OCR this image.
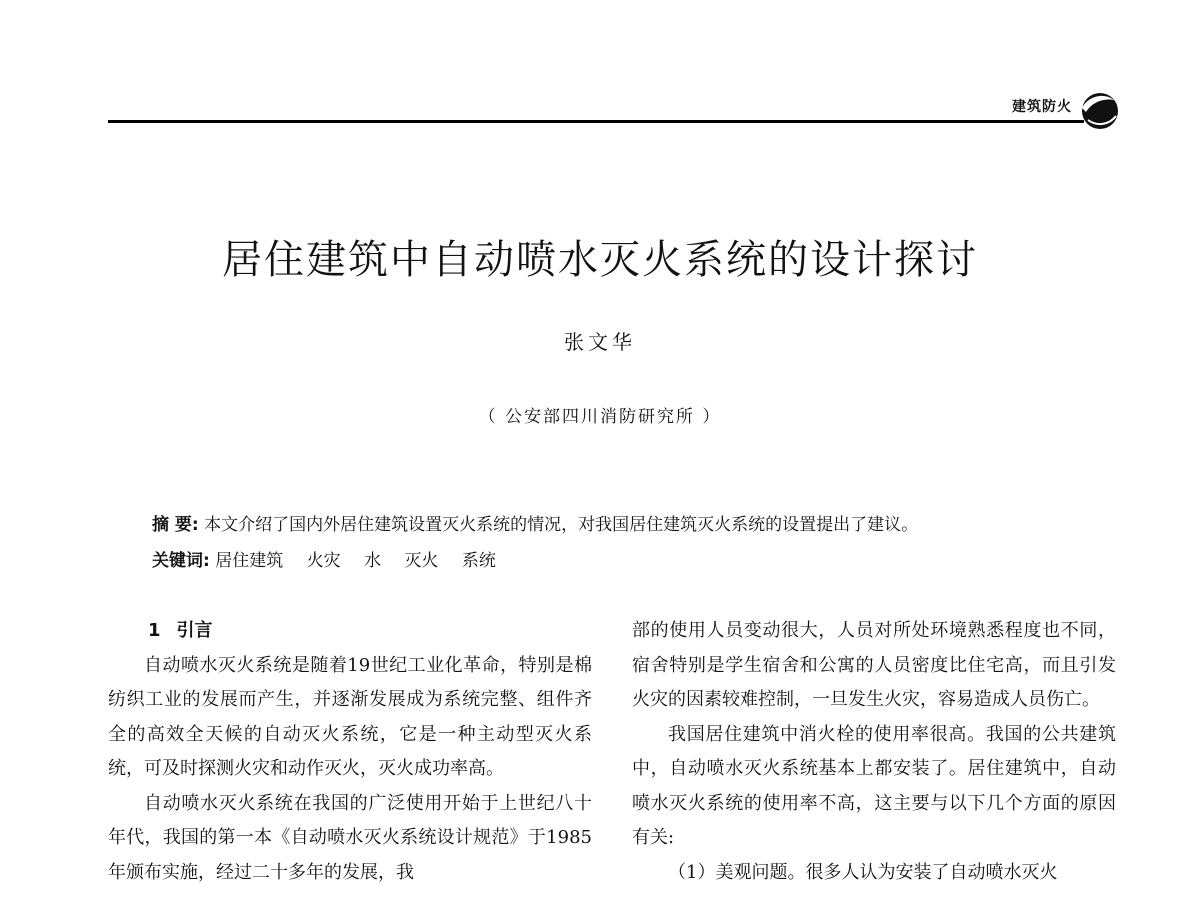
建筑防火
居住建筑中自动喷水灭火系统的设计探讨
张文华
（ 公安部四川消防研究所 ）
摘 要: 本文介绍了国内外居住建筑设置灭火系统的情况，对我国居住建筑灭火系统的设置提出了建议。
关键词: 居住建筑 火灾 水 灭火 系统

1 引言

自动喷水灭火系统是随着19世纪工业化革命，特别是棉纺织工业的发展而产生，并逐渐发展成为系统完整、组件齐全的高效全天候的自动灭火系统，它是一种主动型灭火系统，可及时探测火灾和动作灭火，灭火成功率高。

自动喷水灭火系统在我国的广泛使用开始于上世纪八十年代，我国的第一本《自动喷水灭火系统设计规范》于1985年颁布实施，经过二十多年的发展，我

部的使用人员变动很大，人员对所处环境熟悉程度也不同，宿舍特别是学生宿舍和公寓的人员密度比住宅高，而且引发火灾的因素较难控制，一旦发生火灾，容易造成人员伤亡。

我国居住建筑中消火栓的使用率很高。我国的公共建筑中，自动喷水灭火系统基本上都安装了。居住建筑中，自动喷水灭火系统的使用率不高，这主要与以下几个方面的原因有关:

（1）美观问题。很多人认为安装了自动喷水灭火
